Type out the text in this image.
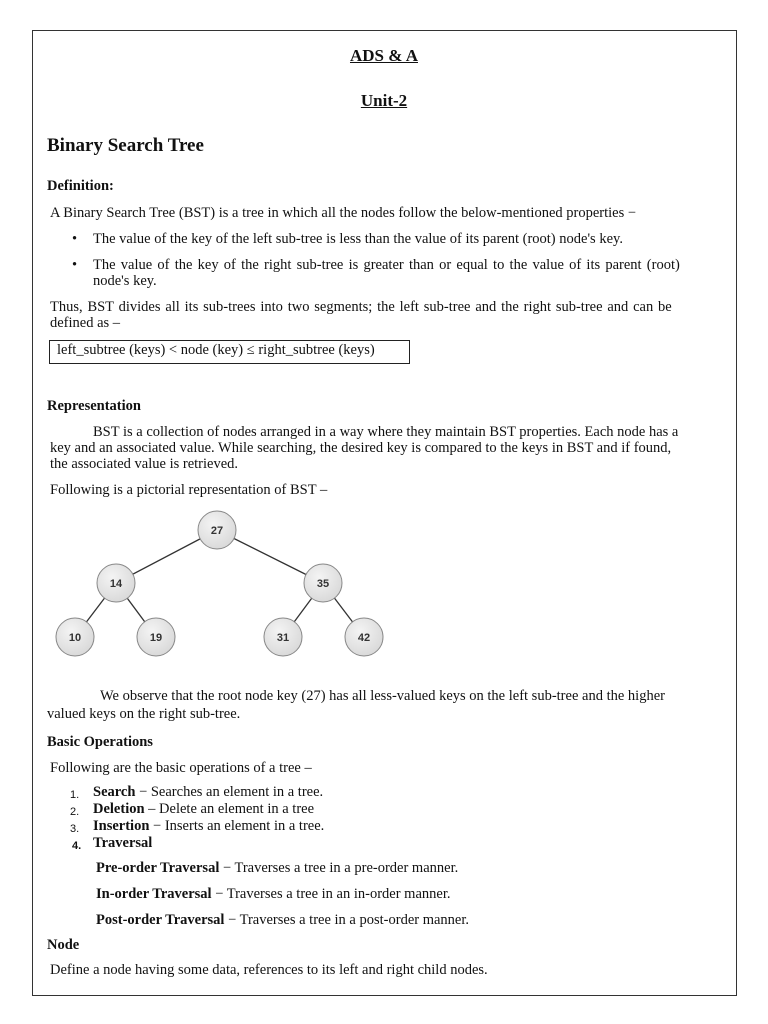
ADS & A
Unit-2
Binary Search Tree
Definition:
A Binary Search Tree (BST) is a tree in which all the nodes follow the below-mentioned properties −
• The value of the key of the left sub-tree is less than the value of its parent (root) node's key.
• The value of the key of the right sub-tree is greater than or equal to the value of its parent (root)
node's key.
Thus, BST divides all its sub-trees into two segments; the left sub-tree and the right sub-tree and can be
defined as –
left_subtree (keys) < node (key) ≤ right_subtree (keys)
Representation
BST is a collection of nodes arranged in a way where they maintain BST properties. Each node has a
key and an associated value. While searching, the desired key is compared to the keys in BST and if found,
the associated value is retrieved.
Following is a pictorial representation of BST –
27
14	35
10	19	31	42
We observe that the root node key (27) has all less-valued keys on the left sub-tree and the higher
valued keys on the right sub-tree.
Basic Operations
Following are the basic operations of a tree –
1. Search − Searches an element in a tree.
2. Deletion – Delete an element in a tree
3. Insertion − Inserts an element in a tree.
4. Traversal
Pre-order Traversal − Traverses a tree in a pre-order manner.
In-order Traversal − Traverses a tree in an in-order manner.
Post-order Traversal − Traverses a tree in a post-order manner.
Node
Define a node having some data, references to its left and right child nodes.
